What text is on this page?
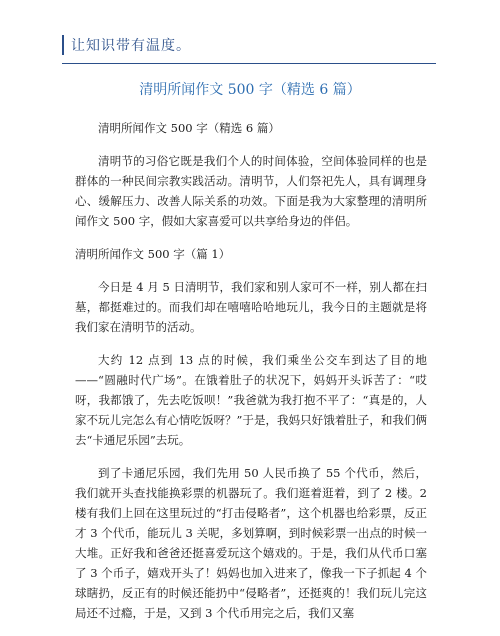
让知识带有温度。
清明所闻作文 500 字（精选 6 篇）

清明所闻作文 500 字（精选 6 篇）

清明节的习俗它既是我们个人的时间体验，空间体验同样的也是群体的一种民间宗教实践活动。清明节，人们祭祀先人，具有调理身心、缓解压力、改善人际关系的功效。下面是我为大家整理的清明所闻作文 500 字，假如大家喜爱可以共享给身边的伴侣。

清明所闻作文 500 字（篇 1）

今日是 4 月 5 日清明节，我们家和别人家可不一样，别人都在扫墓，都挺难过的。而我们却在嘻嘻哈哈地玩儿，我今日的主题就是将我们家在清明节的活动。

大约 12 点到 13 点的时候，我们乘坐公交车到达了目的地——“圆融时代广场”。在饿着肚子的状况下，妈妈开头诉苦了：“哎呀，我都饿了，先去吃饭呗！”我爸就为我打抱不平了：“真是的，人家不玩儿完怎么有心情吃饭呀？”于是，我妈只好饿着肚子，和我们俩去“卡通尼乐园”去玩。

到了卡通尼乐园，我们先用 50 人民币换了 55 个代币，然后，我们就开头查找能换彩票的机器玩了。我们逛着逛着，到了 2 楼。2 楼有我们上回在这里玩过的“打击侵略者”，这个机器也给彩票，反正才 3 个代币，能玩儿 3 关呢，多划算啊，到时候彩票一出点的时候一大堆。正好我和爸爸还挺喜爱玩这个嬉戏的。于是，我们从代币口塞了 3 个币子，嬉戏开头了！妈妈也加入进来了，像我一下子抓起 4 个球瞎扔，反正有的时候还能扔中“侵略者”，还挺爽的！我们玩儿完这局还不过瘾，于是，又到 3 个代币用完之后，我们又塞
